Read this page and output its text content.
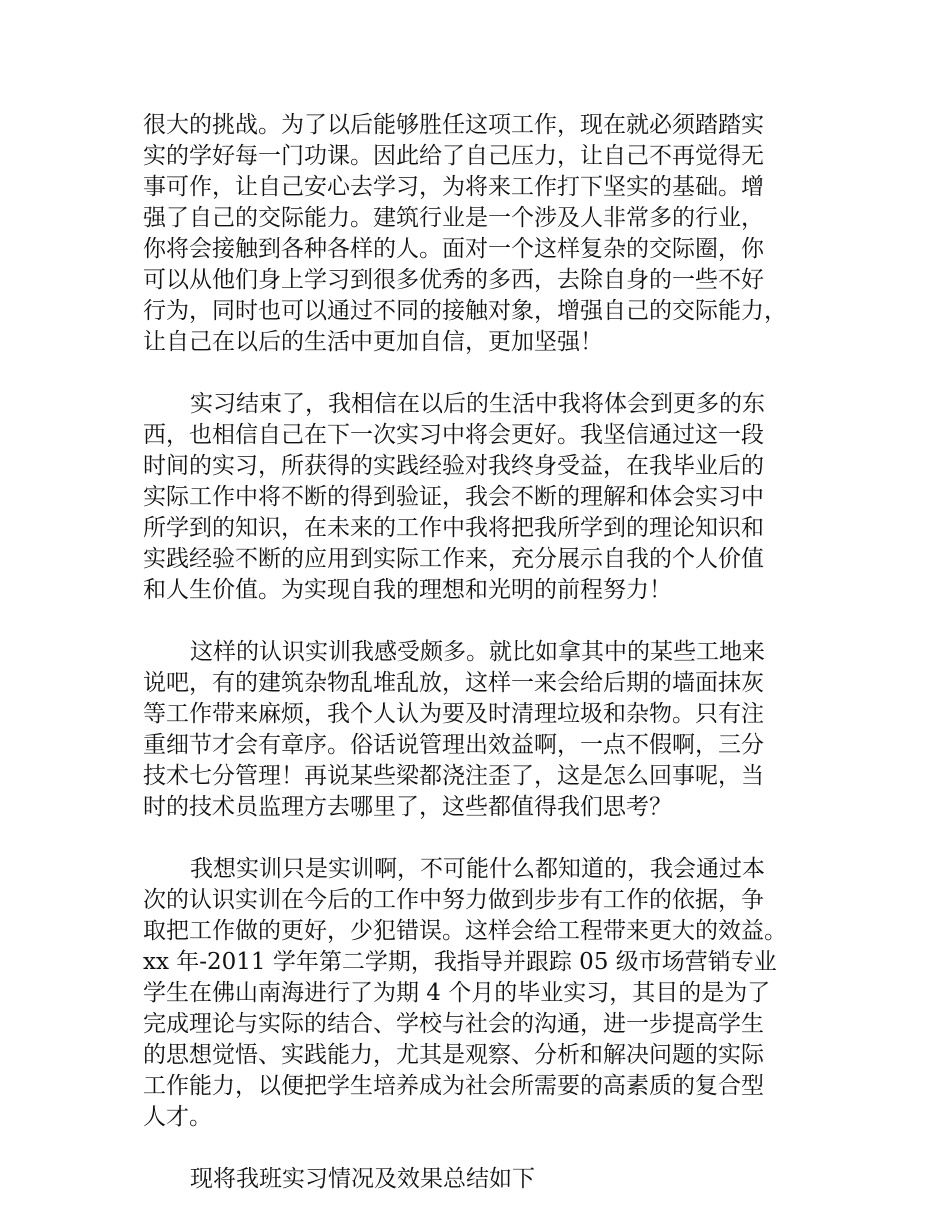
很大的挑战。为了以后能够胜任这项工作，现在就必须踏踏实
实的学好每一门功课。因此给了自己压力，让自己不再觉得无
事可作，让自己安心去学习，为将来工作打下坚实的基础。增
强了自己的交际能力。建筑行业是一个涉及人非常多的行业，
你将会接触到各种各样的人。面对一个这样复杂的交际圈，你
可以从他们身上学习到很多优秀的多西，去除自身的一些不好
行为，同时也可以通过不同的接触对象，增强自己的交际能力，
让自己在以后的生活中更加自信，更加坚强！
实习结束了，我相信在以后的生活中我将体会到更多的东
西，也相信自己在下一次实习中将会更好。我坚信通过这一段
时间的实习，所获得的实践经验对我终身受益，在我毕业后的
实际工作中将不断的得到验证，我会不断的理解和体会实习中
所学到的知识，在未来的工作中我将把我所学到的理论知识和
实践经验不断的应用到实际工作来，充分展示自我的个人价值
和人生价值。为实现自我的理想和光明的前程努力！
这样的认识实训我感受颇多。就比如拿其中的某些工地来
说吧，有的建筑杂物乱堆乱放，这样一来会给后期的墙面抹灰
等工作带来麻烦，我个人认为要及时清理垃圾和杂物。只有注
重细节才会有章序。俗话说管理出效益啊，一点不假啊，三分
技术七分管理！再说某些梁都浇注歪了，这是怎么回事呢，当
时的技术员监理方去哪里了，这些都值得我们思考？
我想实训只是实训啊，不可能什么都知道的，我会通过本
次的认识实训在今后的工作中努力做到步步有工作的依据，争
取把工作做的更好，少犯错误。这样会给工程带来更大的效益。
xx 年-2011 学年第二学期，我指导并跟踪 05 级市场营销专业
学生在佛山南海进行了为期 4 个月的毕业实习，其目的是为了
完成理论与实际的结合、学校与社会的沟通，进一步提高学生
的思想觉悟、实践能力，尤其是观察、分析和解决问题的实际
工作能力，以便把学生培养成为社会所需要的高素质的复合型
人才。
现将我班实习情况及效果总结如下
